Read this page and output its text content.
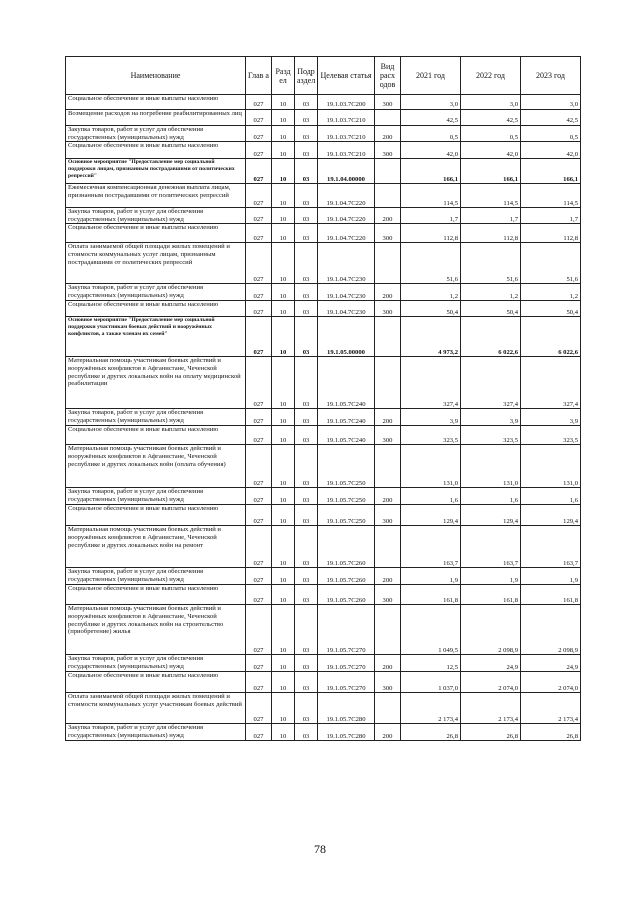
Наименование	Глав а	Разд ел	Подр аздел	Целевая статья	Вид расх одов	2021 год	2022 год	2023 год
Социальное обеспечение и иные выплаты населению	027	10	03	19.1.03.7С200	300	3,0	3,0	3,0
Возмещение расходов на погребение реабилитированных лиц	027	10	03	19.1.03.7С210		42,5	42,5	42,5
Закупка товаров, работ и услуг для обеспечения государственных (муниципальных) нужд	027	10	03	19.1.03.7С210	200	0,5	0,5	0,5
Социальное обеспечение и иные выплаты населению	027	10	03	19.1.03.7С210	300	42,0	42,0	42,0
Основное мероприятие "Предоставление мер социальной поддержки лицам, признанным пострадавшими от политических репрессий"	027	10	03	19.1.04.00000		166,1	166,1	166,1
Ежемесячная компенсационная денежная выплата лицам, признанным пострадавшими от политических репрессий	027	10	03	19.1.04.7С220		114,5	114,5	114,5
Закупка товаров, работ и услуг для обеспечения государственных (муниципальных) нужд	027	10	03	19.1.04.7С220	200	1,7	1,7	1,7
Социальное обеспечение и иные выплаты населению	027	10	03	19.1.04.7С220	300	112,8	112,8	112,8
Оплата занимаемой общей площади жилых помещений и стоимости коммунальных услуг лицам, признанным пострадавшими от политических репрессий	027	10	03	19.1.04.7С230		51,6	51,6	51,6
Закупка товаров, работ и услуг для обеспечения государственных (муниципальных) нужд	027	10	03	19.1.04.7С230	200	1,2	1,2	1,2
Социальное обеспечение и иные выплаты населению	027	10	03	19.1.04.7С230	300	50,4	50,4	50,4
Основное мероприятие "Предоставление мер социальной поддержки участникам боевых действий и вооружённых конфликтов, а также членам их семей"	027	10	03	19.1.05.00000		4 973,2	6 022,6	6 022,6
Материальная помощь участникам боевых действий и вооружённых конфликтов в Афганистане, Чеченской республике и других локальных войн на оплату медицинской реабилитации	027	10	03	19.1.05.7С240		327,4	327,4	327,4
Закупка товаров, работ и услуг для обеспечения государственных (муниципальных) нужд	027	10	03	19.1.05.7С240	200	3,9	3,9	3,9
Социальное обеспечение и иные выплаты населению	027	10	03	19.1.05.7С240	300	323,5	323,5	323,5
Материальная помощь участникам боевых действий и вооружённых конфликтов в Афганистане, Чеченской республике и других локальных войн (оплата обучения)	027	10	03	19.1.05.7С250		131,0	131,0	131,0
Закупка товаров, работ и услуг для обеспечения государственных (муниципальных) нужд	027	10	03	19.1.05.7С250	200	1,6	1,6	1,6
Социальное обеспечение и иные выплаты населению	027	10	03	19.1.05.7С250	300	129,4	129,4	129,4
Материальная помощь участникам боевых действий и вооружённых конфликтов в Афганистане, Чеченской республике и других локальных войн на ремонт	027	10	03	19.1.05.7С260		163,7	163,7	163,7
Закупка товаров, работ и услуг для обеспечения государственных (муниципальных) нужд	027	10	03	19.1.05.7С260	200	1,9	1,9	1,9
Социальное обеспечение и иные выплаты населению	027	10	03	19.1.05.7С260	300	161,8	161,8	161,8
Материальная помощь участникам боевых действий и вооружённых конфликтов в Афганистане, Чеченской республике и других локальных войн на строительство (приобретение) жилья	027	10	03	19.1.05.7С270		1 049,5	2 098,9	2 098,9
Закупка товаров, работ и услуг для обеспечения государственных (муниципальных) нужд	027	10	03	19.1.05.7С270	200	12,5	24,9	24,9
Социальное обеспечение и иные выплаты населению	027	10	03	19.1.05.7С270	300	1 037,0	2 074,0	2 074,0
Оплата занимаемой общей площади жилых помещений и стоимости коммунальных услуг участникам боевых действий	027	10	03	19.1.05.7С280		2 173,4	2 173,4	2 173,4
Закупка товаров, работ и услуг для обеспечения государственных (муниципальных) нужд	027	10	03	19.1.05.7С280	200	26,8	26,8	26,8
78
